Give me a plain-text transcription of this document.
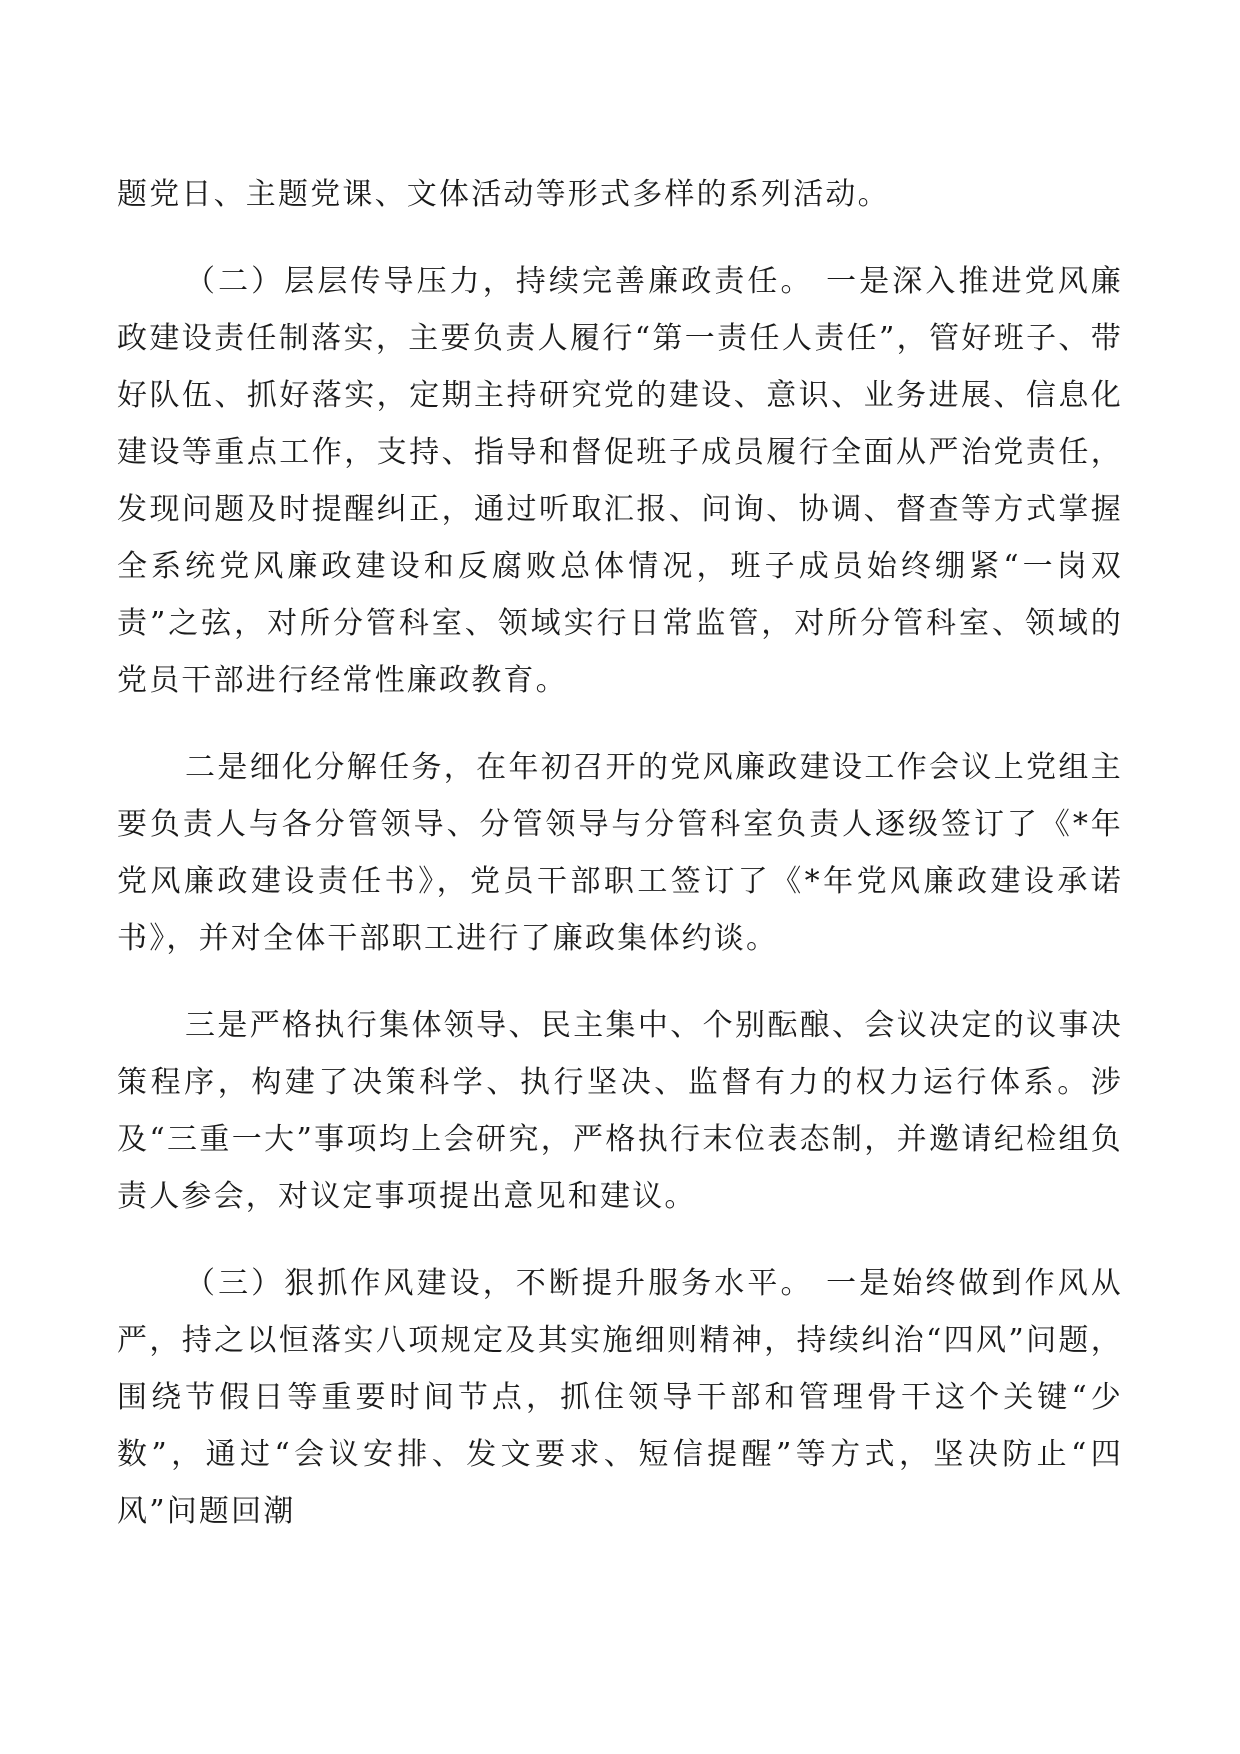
题党日、主题党课、文体活动等形式多样的系列活动。

（二）层层传导压力，持续完善廉政责任。 一是深入推进党风廉政建设责任制落实，主要负责人履行“第一责任人责任”，管好班子、带好队伍、抓好落实，定期主持研究党的建设、意识、业务进展、信息化建设等重点工作，支持、指导和督促班子成员履行全面从严治党责任，发现问题及时提醒纠正，通过听取汇报、问询、协调、督查等方式掌握全系统党风廉政建设和反腐败总体情况，班子成员始终绷紧“一岗双责”之弦，对所分管科室、领域实行日常监管，对所分管科室、领域的党员干部进行经常性廉政教育。

二是细化分解任务，在年初召开的党风廉政建设工作会议上党组主要负责人与各分管领导、分管领导与分管科室负责人逐级签订了《*年党风廉政建设责任书》，党员干部职工签订了《*年党风廉政建设承诺书》，并对全体干部职工进行了廉政集体约谈。

三是严格执行集体领导、民主集中、个别酝酿、会议决定的议事决策程序，构建了决策科学、执行坚决、监督有力的权力运行体系。涉及“三重一大”事项均上会研究，严格执行末位表态制，并邀请纪检组负责人参会，对议定事项提出意见和建议。

（三）狠抓作风建设，不断提升服务水平。 一是始终做到作风从严，持之以恒落实八项规定及其实施细则精神，持续纠治“四风”问题，围绕节假日等重要时间节点，抓住领导干部和管理骨干这个关键“少数”，通过“会议安排、发文要求、短信提醒”等方式，坚决防止“四风”问题回潮
